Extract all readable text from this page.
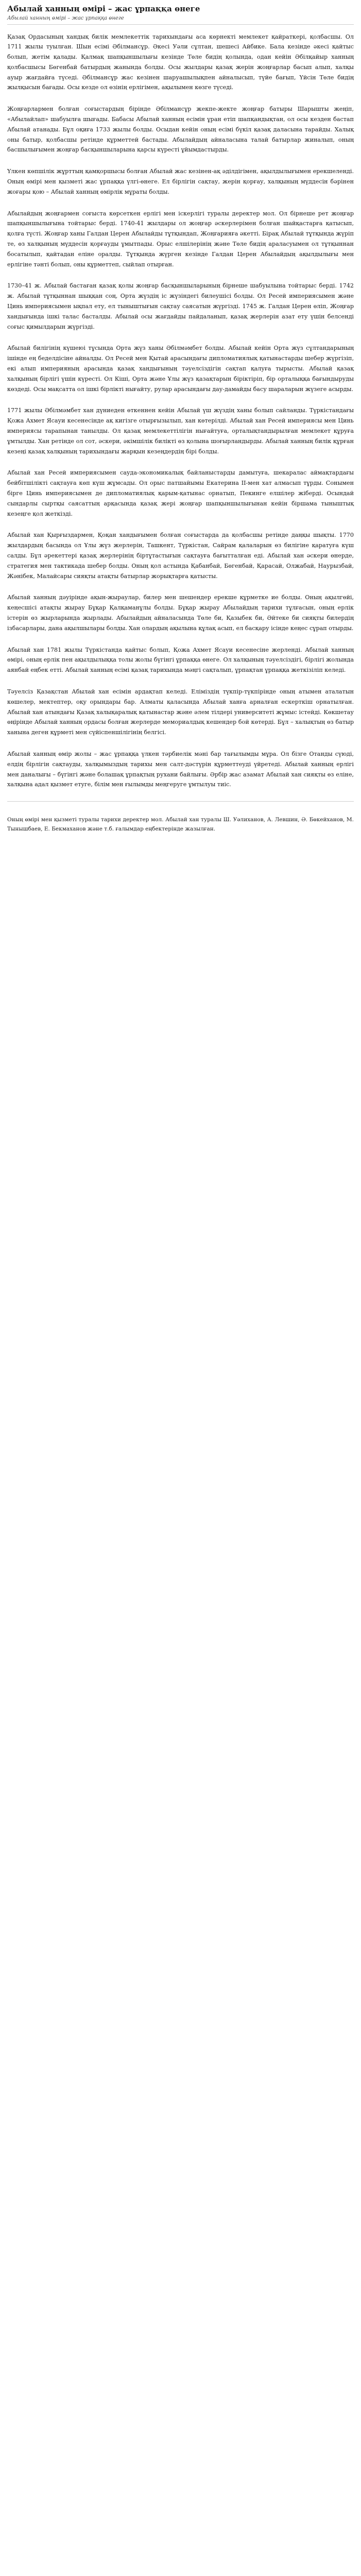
Абылай ханның өмірі – жас ұрпаққа өнеге
Абылай ханның өмірі – жас ұрпаққа өнеге

Қазақ Ордасының хандық билік мемлекеттік тарихындағы аса көрнекті мемлекет қайраткері, қолбасшы. Ол 1711 жылы туылған. Шын есімі Әбілмансұр. Әкесі Уәли сұлтан, шешесі Айбике. Бала кезінде әкесі қайтыс болып, жетім қалады. Қалмақ шапқыншылығы кезінде Төле бидің қолында, одан кейін Әбілқайыр ханның қолбасшысы Бөгенбай батырдың жанында болды. Осы жылдары қазақ жерін жоңғарлар басып алып, халқы ауыр жағдайға түседі. Әбілмансұр жас кезінен шаруашылықпен айналысып, түйе бағып, Үйсін Төле бидің жылқысын бағады. Осы кезде ол өзінің ерлігімен, ақылымен көзге түседі.

Жоңғарлармен болған соғыстардың бірінде Әбілмансұр жекпе-жекте жоңғар батыры Шарышты жеңіп, «Абылайлап» шабуылға шығады. Бабасы Абылай ханның есімін ұран етіп шапқандықтан, ол осы кезден бастап Абылай атанады. Бұл оқиға 1733 жылы болды. Осыдан кейін оның есімі бүкіл қазақ даласына тарайды. Халық оны батыр, қолбасшы ретінде құрметтей бастады. Абылайдың айналасына талай батырлар жиналып, оның басшылығымен жоңғар басқыншыларына қарсы күресті ұйымдастырды.

Үлкен көпшілік жұрттың қамқоршысы болған Абылай жас кезінен-ақ әділдігімен, ақылдылығымен ерекшеленді. Оның өмірі мен қызметі жас ұрпаққа үлгі-өнеге. Ел бірлігін сақтау, жерін қорғау, халқының мүддесін бәрінен жоғары қою – Абылай ханның өмірлік мұраты болды.

Абылайдың жоңғармен соғыста көрсеткен ерлігі мен іскерлігі туралы деректер мол. Ол бірнеше рет жоңғар шапқыншылығына тойтарыс берді. 1740-41 жылдары ол жоңғар әскерлерімен болған шайқастарға қатысып, қолға түсті. Жоңғар ханы Галдан Церен Абылайды тұтқындап, Жоңғарияға әкетті. Бірақ Абылай тұтқында жүріп те, өз халқының мүддесін қорғауды ұмытпады. Орыс елшілерінің және Төле бидің араласуымен ол тұтқыннан босатылып, қайтадан еліне оралды. Тұтқында жүрген кезінде Галдан Церен Абылайдың ақылдылығы мен ерлігіне тәнті болып, оны құрметтеп, сыйлап отырған.

1730–41 ж. Абылай бастаған қазақ қолы жоңғар басқыншыларының бірнеше шабуылына тойтарыс берді. 1742 ж. Абылай тұтқыннан шыққан соң, Орта жүздің іс жүзіндегі билеушісі болды. Ол Ресей империясымен және Цинь империясымен ықпал ету, ел тыныштығын сақтау саясатын жүргізді. 1745 ж. Галдан Церен өліп, Жоңғар хандығында ішкі талас басталды. Абылай осы жағдайды пайдаланып, қазақ жерлерін азат ету үшін белсенді соғыс қимылдарын жүргізді.

Абылай билігінің күшеюі тұсында Орта жүз ханы Әбілмәмбет болды. Абылай кейін Орта жүз сұлтандарының ішінде ең беделдісіне айналды. Ол Ресей мен Қытай арасындағы дипломатиялық қатынастарды шебер жүргізіп, екі алып империяның арасында қазақ хандығының тәуелсіздігін сақтап қалуға тырысты. Абылай қазақ халқының бірлігі үшін күресті. Ол Кіші, Орта және Ұлы жүз қазақтарын біріктіріп, бір орталыққа бағындыруды көздеді. Осы мақсатта ол ішкі бірлікті нығайту, рулар арасындағы дау-дамайды басу шараларын жүзеге асырды.

1771 жылы Әбілмәмбет хан дүниеден өткеннен кейін Абылай үш жүздің ханы болып сайланды. Түркістандағы Қожа Ахмет Ясауи кесенесінде ақ кигізге отырғызылып, хан көтерілді. Абылай хан Ресей империясы мен Цинь империясы тарапынан танылды. Ол қазақ мемлекеттілігін нығайтуға, орталықтандырылған мемлекет құруға ұмтылды. Хан ретінде ол сот, әскери, әкімшілік билікті өз қолына шоғырландырды. Абылай ханның билік құрған кезеңі қазақ халқының тарихындағы жарқын кезеңдердің бірі болды.

Абылай хан Ресей империясымен сауда-экономикалық байланыстарды дамытуға, шекаралас аймақтардағы бейбітшілікті сақтауға көп күш жұмсады. Ол орыс патшайымы Екатерина ІІ-мен хат алмасып тұрды. Сонымен бірге Цинь империясымен де дипломатиялық қарым-қатынас орнатып, Пекинге елшілер жіберді. Осындай сындарлы сыртқы саясаттың арқасында қазақ жері жоңғар шапқыншылығынан кейін біршама тыныштық кезеңге қол жеткізді.

Абылай хан Қырғыздармен, Қоқан хандығымен болған соғыстарда да қолбасшы ретінде даңқы шықты. 1770 жылдардың басында ол Ұлы жүз жерлерін, Ташкент, Түркістан, Сайрам қалаларын өз билігіне қаратуға күш салды. Бұл әрекеттері қазақ жерлерінің біртұтастығын сақтауға бағытталған еді. Абылай хан әскери өнерде, стратегия мен тактикада шебер болды. Оның қол астында Қабанбай, Бөгенбай, Қарасай, Олжабай, Наурызбай, Жәнібек, Малайсары сияқты атақты батырлар жорықтарға қатысты.

Абылай ханның дәуірінде ақын-жыраулар, билер мен шешендер ерекше құрметке ие болды. Оның ақылгөйі, кеңесшісі атақты жырау Бұқар Қалқаманұлы болды. Бұқар жырау Абылайдың тарихи тұлғасын, оның ерлік істерін өз жырларында жырлады. Абылайдың айналасында Төле би, Қазыбек би, Әйтеке би сияқты билердің ізбасарлары, дана ақылшылары болды. Хан олардың ақылына құлақ асып, ел басқару ісінде кеңес сұрап отырды.

Абылай хан 1781 жылы Түркістанда қайтыс болып, Қожа Ахмет Ясауи кесенесіне жерленді. Абылай ханның өмірі, оның ерлік пен ақылдылыққа толы жолы бүгінгі ұрпаққа өнеге. Ол халқының тәуелсіздігі, бірлігі жолында аянбай еңбек етті. Абылай ханның есімі қазақ тарихында мәңгі сақталып, ұрпақтан ұрпаққа жеткізіліп келеді.

Тәуелсіз Қазақстан Абылай хан есімін ардақтап келеді. Еліміздің түкпір-түкпірінде оның атымен аталатын көшелер, мектептер, оқу орындары бар. Алматы қаласында Абылай ханға арналған ескерткіш орнатылған. Абылай хан атындағы Қазақ халықаралық қатынастар және әлем тілдері университеті жұмыс істейді. Көкшетау өңірінде Абылай ханның ордасы болған жерлерде мемориалдық кешендер бой көтерді. Бұл – халықтың өз батыр ханына деген құрметі мен сүйіспеншілігінің белгісі.

Абылай ханның өмір жолы – жас ұрпаққа үлкен тәрбиелік мәні бар тағылымды мұра. Ол бізге Отанды сүюді, елдің бірлігін сақтауды, халқымыздың тарихы мен салт-дәстүрін құрметтеуді үйретеді. Абылай ханның ерлігі мен даналығы – бүгінгі және болашақ ұрпақтың рухани байлығы. Әрбір жас азамат Абылай хан сияқты өз еліне, халқына адал қызмет етуге, білім мен ғылымды меңгеруге ұмтылуы тиіс.

Оның өмірі мен қызметі туралы тарихи деректер мол. Абылай хан туралы Ш. Уәлиханов, А. Левшин, Ә. Бөкейханов, М. Тынышбаев, Е. Бекмаханов және т.б. ғалымдар еңбектерінде жазылған.
